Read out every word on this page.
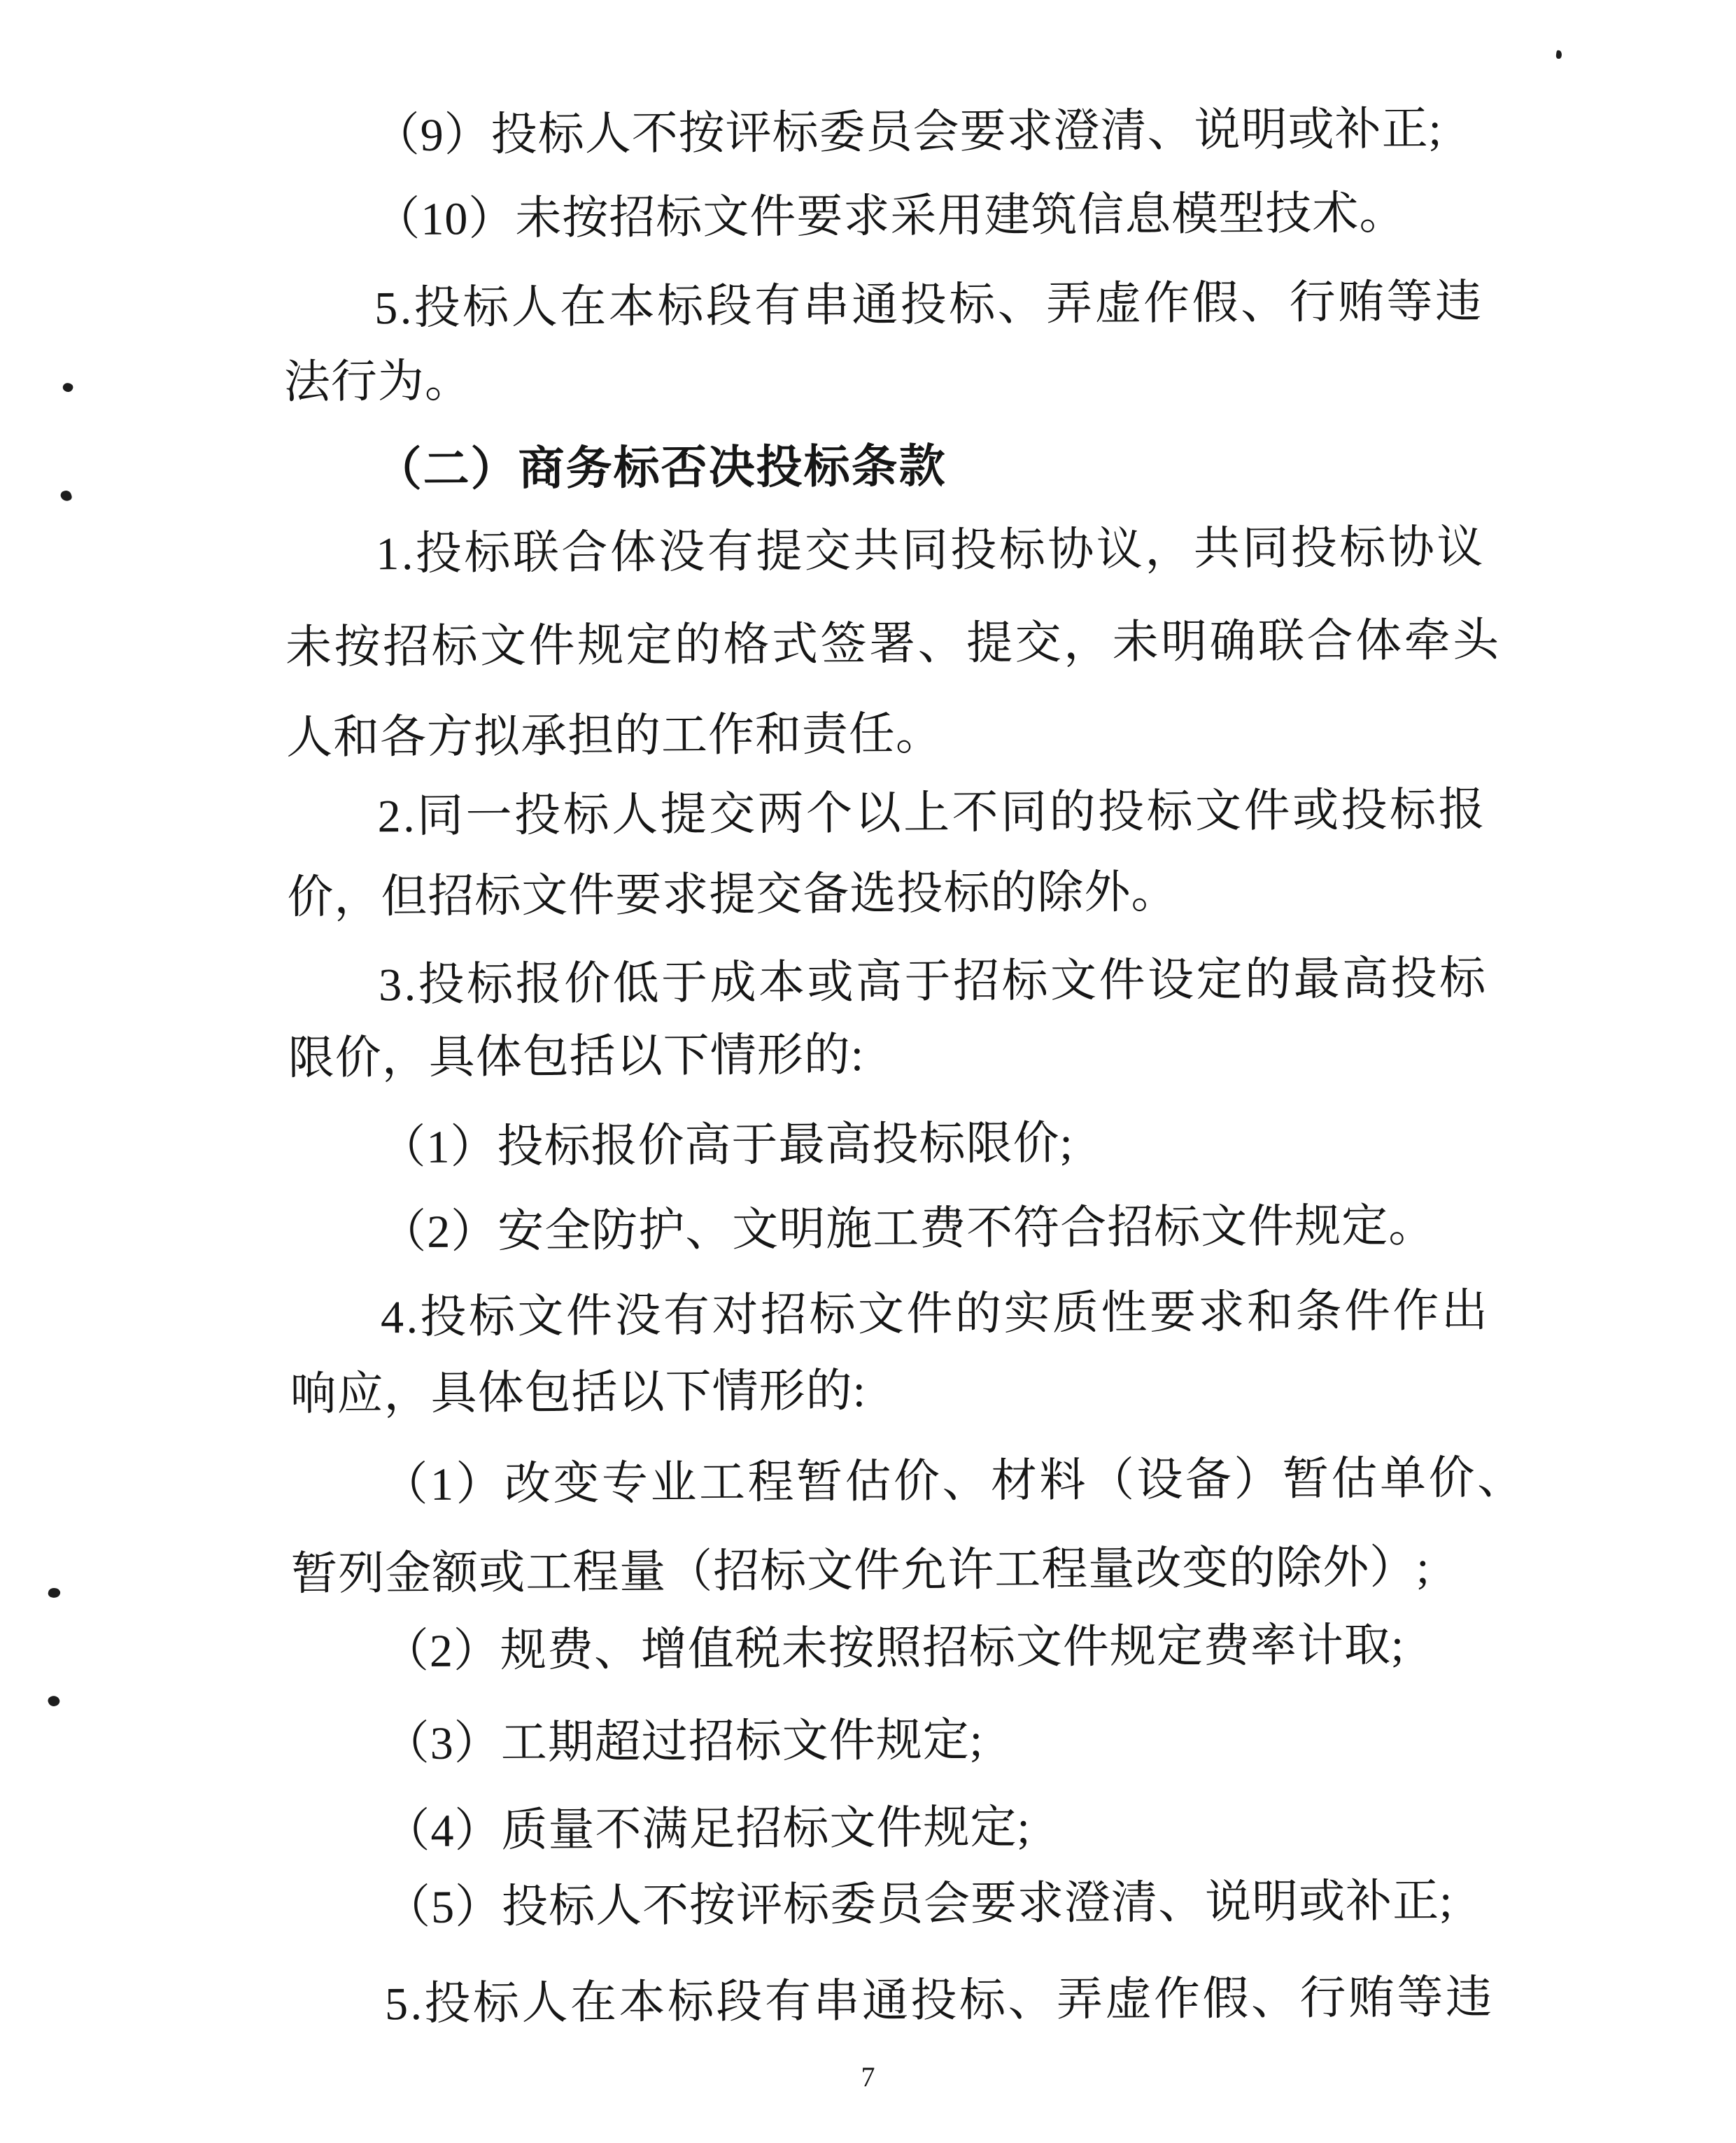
（9）投标人不按评标委员会要求澄清、说明或补正;
（10）未按招标文件要求采用建筑信息模型技术。
5.投标人在本标段有串通投标、弄虚作假、行贿等违
法行为。
（二）商务标否决投标条款
1.投标联合体没有提交共同投标协议，共同投标协议
未按招标文件规定的格式签署、提交，未明确联合体牵头
人和各方拟承担的工作和责任。
2.同一投标人提交两个以上不同的投标文件或投标报
价，但招标文件要求提交备选投标的除外。
3.投标报价低于成本或高于招标文件设定的最高投标
限价，具体包括以下情形的:
（1）投标报价高于最高投标限价;
（2）安全防护、文明施工费不符合招标文件规定。
4.投标文件没有对招标文件的实质性要求和条件作出
响应，具体包括以下情形的:
（1）改变专业工程暂估价、材料（设备）暂估单价、
暂列金额或工程量（招标文件允许工程量改变的除外）;
（2）规费、增值税未按照招标文件规定费率计取;
（3）工期超过招标文件规定;
（4）质量不满足招标文件规定;
（5）投标人不按评标委员会要求澄清、说明或补正;
5.投标人在本标段有串通投标、弄虚作假、行贿等违
7
